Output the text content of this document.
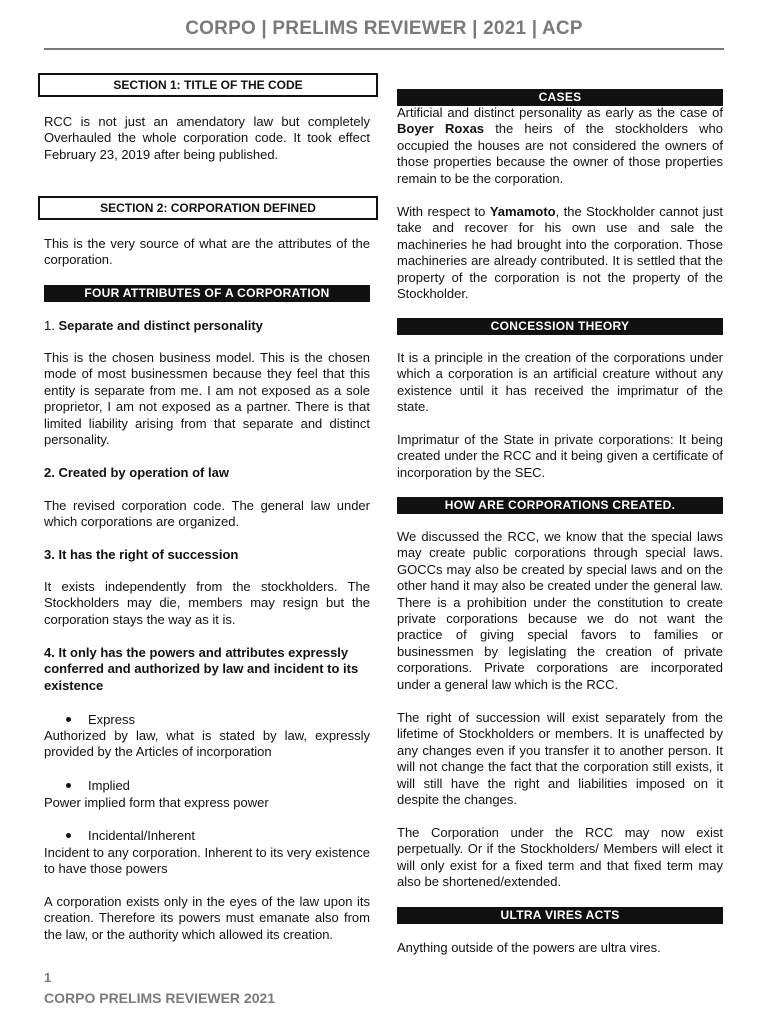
CORPO | PRELIMS REVIEWER | 2021 | ACP
SECTION 1: TITLE OF THE CODE

RCC is not just an amendatory law but completely Overhauled the whole corporation code. It took effect February 23, 2019 after being published.

SECTION 2: CORPORATION DEFINED

This is the very source of what are the attributes of the corporation.

FOUR ATTRIBUTES OF A CORPORATION

1. Separate and distinct personality

This is the chosen business model. This is the chosen mode of most businessmen because they feel that this entity is separate from me. I am not exposed as a sole proprietor, I am not exposed as a partner. There is that limited liability arising from that separate and distinct personality.

2. Created by operation of law

The revised corporation code. The general law under which corporations are organized.

3. It has the right of succession

It exists independently from the stockholders. The Stockholders may die, members may resign but the corporation stays the way as it is.

4. It only has the powers and attributes expressly conferred and authorized by law and incident to its existence

Express

Authorized by law, what is stated by law, expressly provided by the Articles of incorporation

Implied

Power implied form that express power

Incidental/Inherent

Incident to any corporation. Inherent to its very existence to have those powers

A corporation exists only in the eyes of the law upon its creation. Therefore its powers must emanate also from the law, or the authority which allowed its creation.

CASES

Artificial and distinct personality as early as the case of Boyer Roxas the heirs of the stockholders who occupied the houses are not considered the owners of those properties because the owner of those properties remain to be the corporation.

With respect to Yamamoto, the Stockholder cannot just take and recover for his own use and sale the machineries he had brought into the corporation. Those machineries are already contributed. It is settled that the property of the corporation is not the property of the Stockholder.

CONCESSION THEORY

It is a principle in the creation of the corporations under which a corporation is an artificial creature without any existence until it has received the imprimatur of the state.

Imprimatur of the State in private corporations: It being created under the RCC and it being given a certificate of incorporation by the SEC.

HOW ARE CORPORATIONS CREATED.

We discussed the RCC, we know that the special laws may create public corporations through special laws. GOCCs may also be created by special laws and on the other hand it may also be created under the general law. There is a prohibition under the constitution to create private corporations because we do not want the practice of giving special favors to families or businessmen by legislating the creation of private corporations. Private corporations are incorporated under a general law which is the RCC.

The right of succession will exist separately from the lifetime of Stockholders or members. It is unaffected by any changes even if you transfer it to another person. It will not change the fact that the corporation still exists, it will still have the right and liabilities imposed on it despite the changes.

The Corporation under the RCC may now exist perpetually. Or if the Stockholders/ Members will elect it will only exist for a fixed term and that fixed term may also be shortened/extended.

ULTRA VIRES ACTS

Anything outside of the powers are ultra vires.

1
CORPO PRELIMS REVIEWER 2021
